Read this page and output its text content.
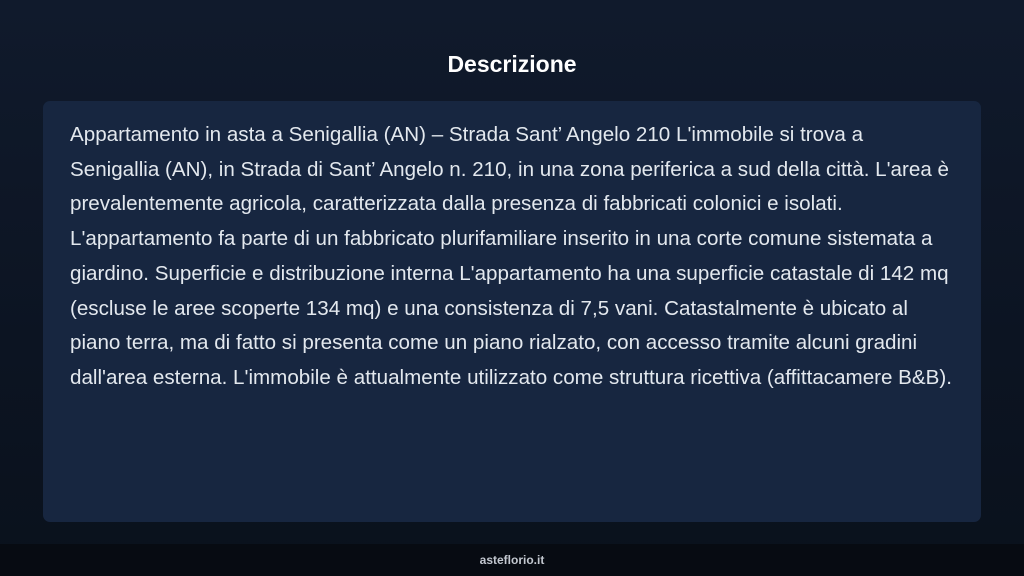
Descrizione

Appartamento in asta a Senigallia (AN) – Strada Sant’ Angelo 210 L'immobile si trova a Senigallia (AN), in Strada di Sant’ Angelo n. 210, in una zona periferica a sud della città. L'area è prevalentemente agricola, caratterizzata dalla presenza di fabbricati colonici e isolati. L'appartamento fa parte di un fabbricato plurifamiliare inserito in una corte comune sistemata a giardino. Superficie e distribuzione interna L'appartamento ha una superficie catastale di 142 mq (escluse le aree scoperte 134 mq) e una consistenza di 7,5 vani. Catastalmente è ubicato al piano terra, ma di fatto si presenta come un piano rialzato, con accesso tramite alcuni gradini dall'area esterna. L'immobile è attualmente utilizzato come struttura ricettiva (affittacamere B&B).

asteflorio.it
